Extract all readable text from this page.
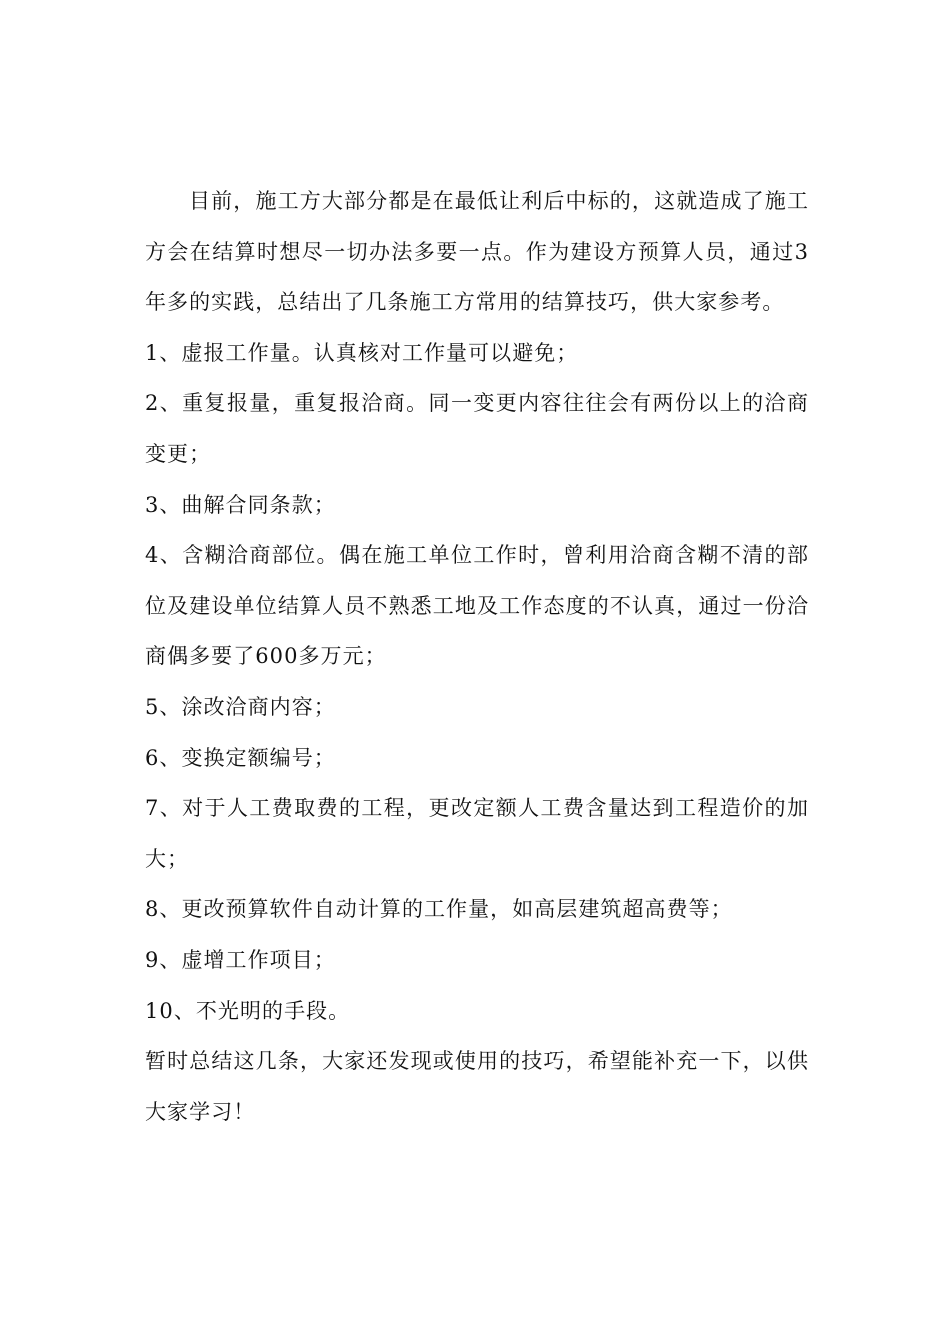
目前，施工方大部分都是在最低让利后中标的，这就造成了施工方会在结算时想尽一切办法多要一点。作为建设方预算人员，通过3年多的实践，总结出了几条施工方常用的结算技巧，供大家参考。

1、虚报工作量。认真核对工作量可以避免；

2、重复报量，重复报洽商。同一变更内容往往会有两份以上的洽商变更；

3、曲解合同条款；

4、含糊洽商部位。偶在施工单位工作时，曾利用洽商含糊不清的部位及建设单位结算人员不熟悉工地及工作态度的不认真，通过一份洽商偶多要了600多万元；

5、涂改洽商内容；

6、变换定额编号；

7、对于人工费取费的工程，更改定额人工费含量达到工程造价的加大；

8、更改预算软件自动计算的工作量，如高层建筑超高费等；

9、虚增工作项目；

10、不光明的手段。

暂时总结这几条，大家还发现或使用的技巧，希望能补充一下，以供大家学习！
